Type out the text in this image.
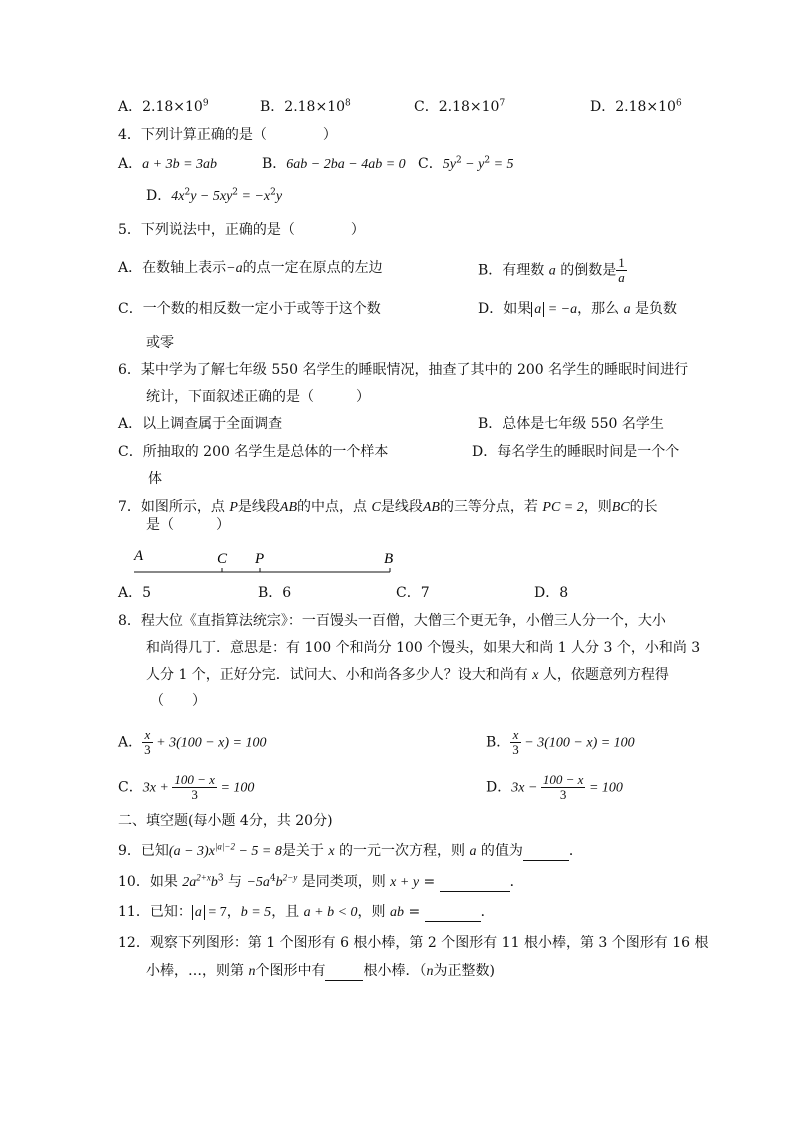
A．$2.18\times 10^9$	B．$2.18\times 10^8$	C．$2.18\times 10^7$	D．$2.18\times 10^6$
4．下列计算正确的是（　　　　）
A．a + 3b = 3ab	B．6ab − 2ba − 4ab = 0 C．$5y^2 - y^2 = 5$
D．$4x^2y - 5xy^2 = -x^2y$
5．下列说法中，正确的是（　　　　）
A．在数轴上表示−a的点一定在原点的左边	B．有理数 a 的倒数是 $\frac{1}{a}$
C．一个数的相反数一定小于或等于这个数	D．如果 a = −a，那么 a 是负数
或零
6．某中学为了解七年级 550 名学生的睡眠情况，抽查了其中的 200 名学生的睡眠时间进行
统计，下面叙述正确的是（　　　）
A．以上调查属于全面调查	B．总体是七年级 550 名学生
C．所抽取的 200 名学生是总体的一个样本	D．每名学生的睡眠时间是一个个
体
7．如图所示，点 P是线段AB的中点，点 C是线段AB的三等分点，若 PC = 2，则BC的长
是（　　　）
A	C P	B
A．5	B．6	C．7	D．8
8．程大位《直指算法统宗》：一百馒头一百僧，大僧三个更无争，小僧三人分一个，大小
和尚得几丁．意思是：有 100 个和尚分 100 个馒头，如果大和尚 1 人分 3 个，小和尚 3
人分 1 个，正好分完．试问大、小和尚各多少人？设大和尚有 x 人，依题意列方程得
（　　）
A． $\frac{x}{3} + 3(100 - x) = 100$	B． $\frac{x}{3} - 3(100 - x) = 100$
C．$3x + \frac{100 - x}{3} = 100$	D．$3x - \frac{100 - x}{3} = 100$
二、填空题(每小题 4分，共 20分)
9．已知$(a - 3)x^{|a|-2} - 5 = 8$是关于 x 的一元一次方程，则 a 的值为	．
10．如果 $2a^{2+x}b^3$ 与 $-5a^4b^{2-y}$ 是同类项，则 x + y =	．
11．已知： a = 7，b = 5，且 a + b < 0，则 ab =	．
12．观察下列图形：第 1 个图形有 6 根小棒，第 2 个图形有 11 根小棒，第 3 个图形有 16 根
小棒，…，则第 n个图形中有	根小棒．（n为正整数)
